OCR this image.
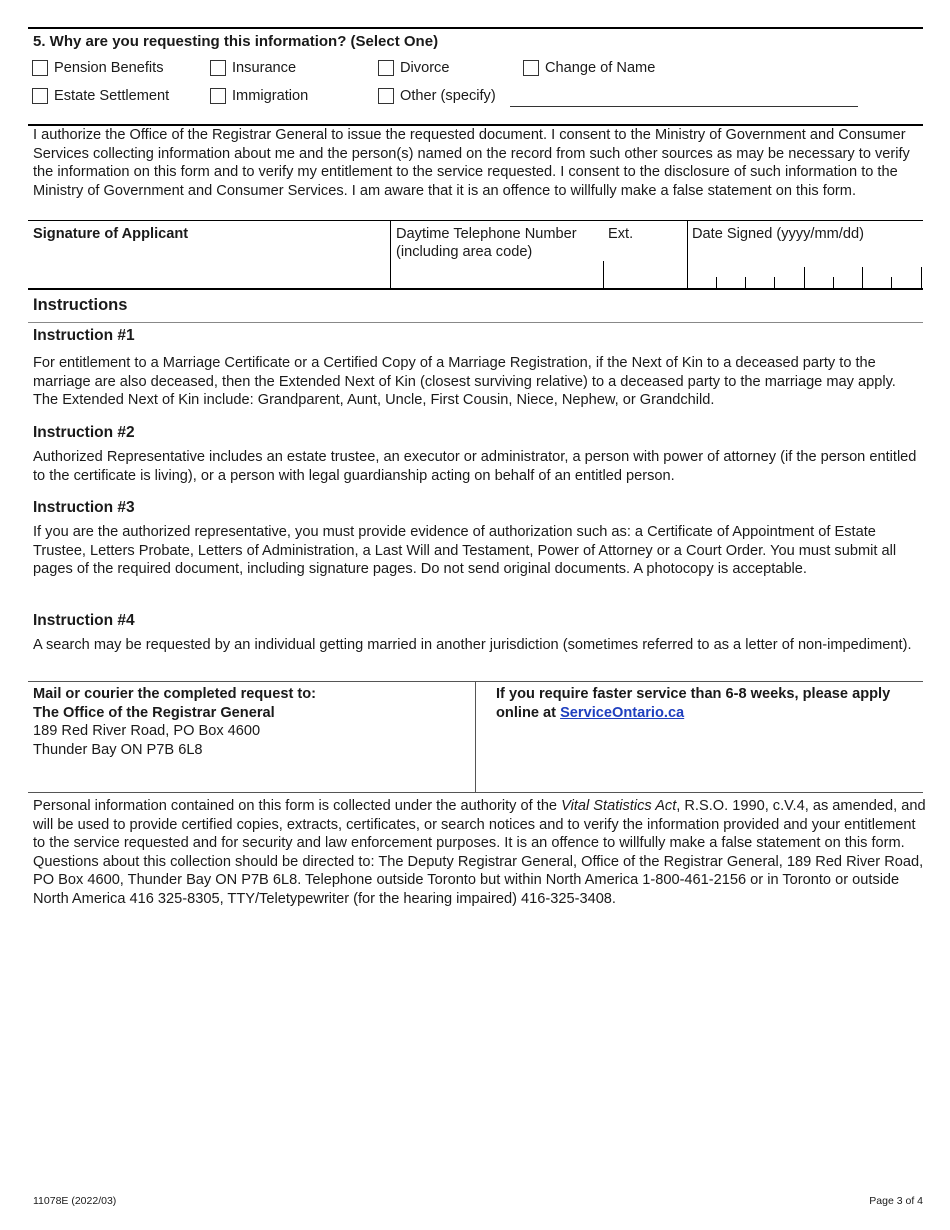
5. Why are you requesting this information? (Select One)
Pension Benefits	Insurance	Divorce	Change of Name
Estate Settlement	Immigration	Other (specify)
I authorize the Office of the Registrar General to issue the requested document. I consent to the Ministry of Government and Consumer Services collecting information about me and the person(s) named on the record from such other sources as may be necessary to verify the information on this form and to verify my entitlement to the service requested. I consent to the disclosure of such information to the Ministry of Government and Consumer Services. I am aware that it is an offence to willfully make a false statement on this form.
Signature of Applicant	Daytime Telephone Number
(including area code)
Ext.	Date Signed (yyyy/mm/dd)
Instructions
Instruction #1
For entitlement to a Marriage Certificate or a Certified Copy of a Marriage Registration, if the Next of Kin to a deceased party to the marriage are also deceased, then the Extended Next of Kin (closest surviving relative) to a deceased party to the marriage may apply. The Extended Next of Kin include: Grandparent, Aunt, Uncle, First Cousin, Niece, Nephew, or Grandchild.
Instruction #2
Authorized Representative includes an estate trustee, an executor or administrator, a person with power of attorney (if the person entitled to the certificate is living), or a person with legal guardianship acting on behalf of an entitled person.
Instruction #3
If you are the authorized representative, you must provide evidence of authorization such as: a Certificate of Appointment of Estate Trustee, Letters Probate, Letters of Administration, a Last Will and Testament, Power of Attorney or a Court Order. You must submit all pages of the required document, including signature pages. Do not send original documents. A photocopy is acceptable.
Instruction #4
A search may be requested by an individual getting married in another jurisdiction (sometimes referred to as a letter of non-impediment).
Mail or courier the completed request to:
The Office of the Registrar General
189 Red River Road, PO Box 4600
Thunder Bay ON P7B 6L8
If you require faster service than 6-8 weeks, please apply online at ServiceOntario.ca
Personal information contained on this form is collected under the authority of the Vital Statistics Act, R.S.O. 1990, c.V.4, as amended, and will be used to provide certified copies, extracts, certificates, or search notices and to verify the information provided and your entitlement to the service requested and for security and law enforcement purposes. It is an offence to willfully make a false statement on this form. Questions about this collection should be directed to: The Deputy Registrar General, Office of the Registrar General, 189 Red River Road, PO Box 4600, Thunder Bay ON P7B 6L8. Telephone outside Toronto but within North America 1-800-461-2156 or in Toronto or outside North America 416 325-8305, TTY/Teletypewriter (for the hearing impaired) 416-325-3408.
11078E (2022/03)	Page 3 of 4
